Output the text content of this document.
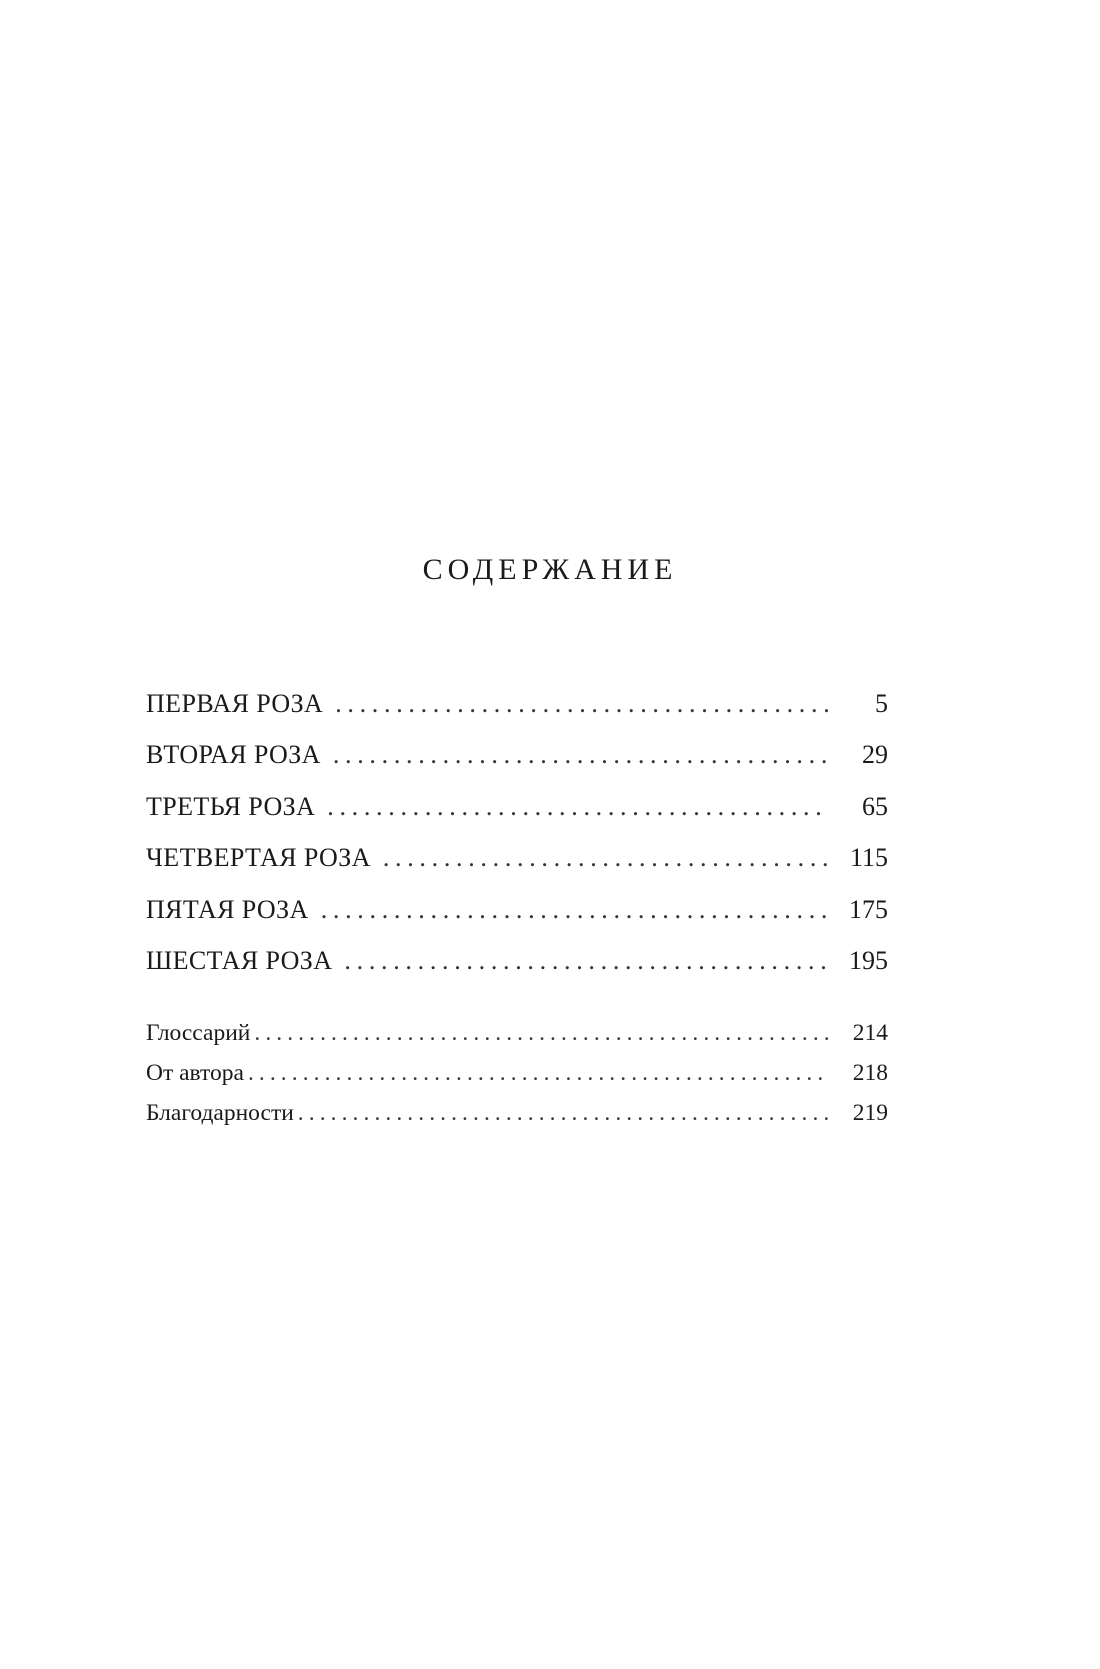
СОДЕРЖАНИЕ
ПЕРВАЯ РОЗА . . .	5
ВТОРАЯ РОЗА . . .	29
ТРЕТЬЯ РОЗА . . .	65
ЧЕТВЕРТАЯ РОЗА . . .	115
ПЯТАЯ РОЗА . . .	175
ШЕСТАЯ РОЗА . . .	195
Глоссарий . . .	214
От автора . . .	218
Благодарности . . .	219
